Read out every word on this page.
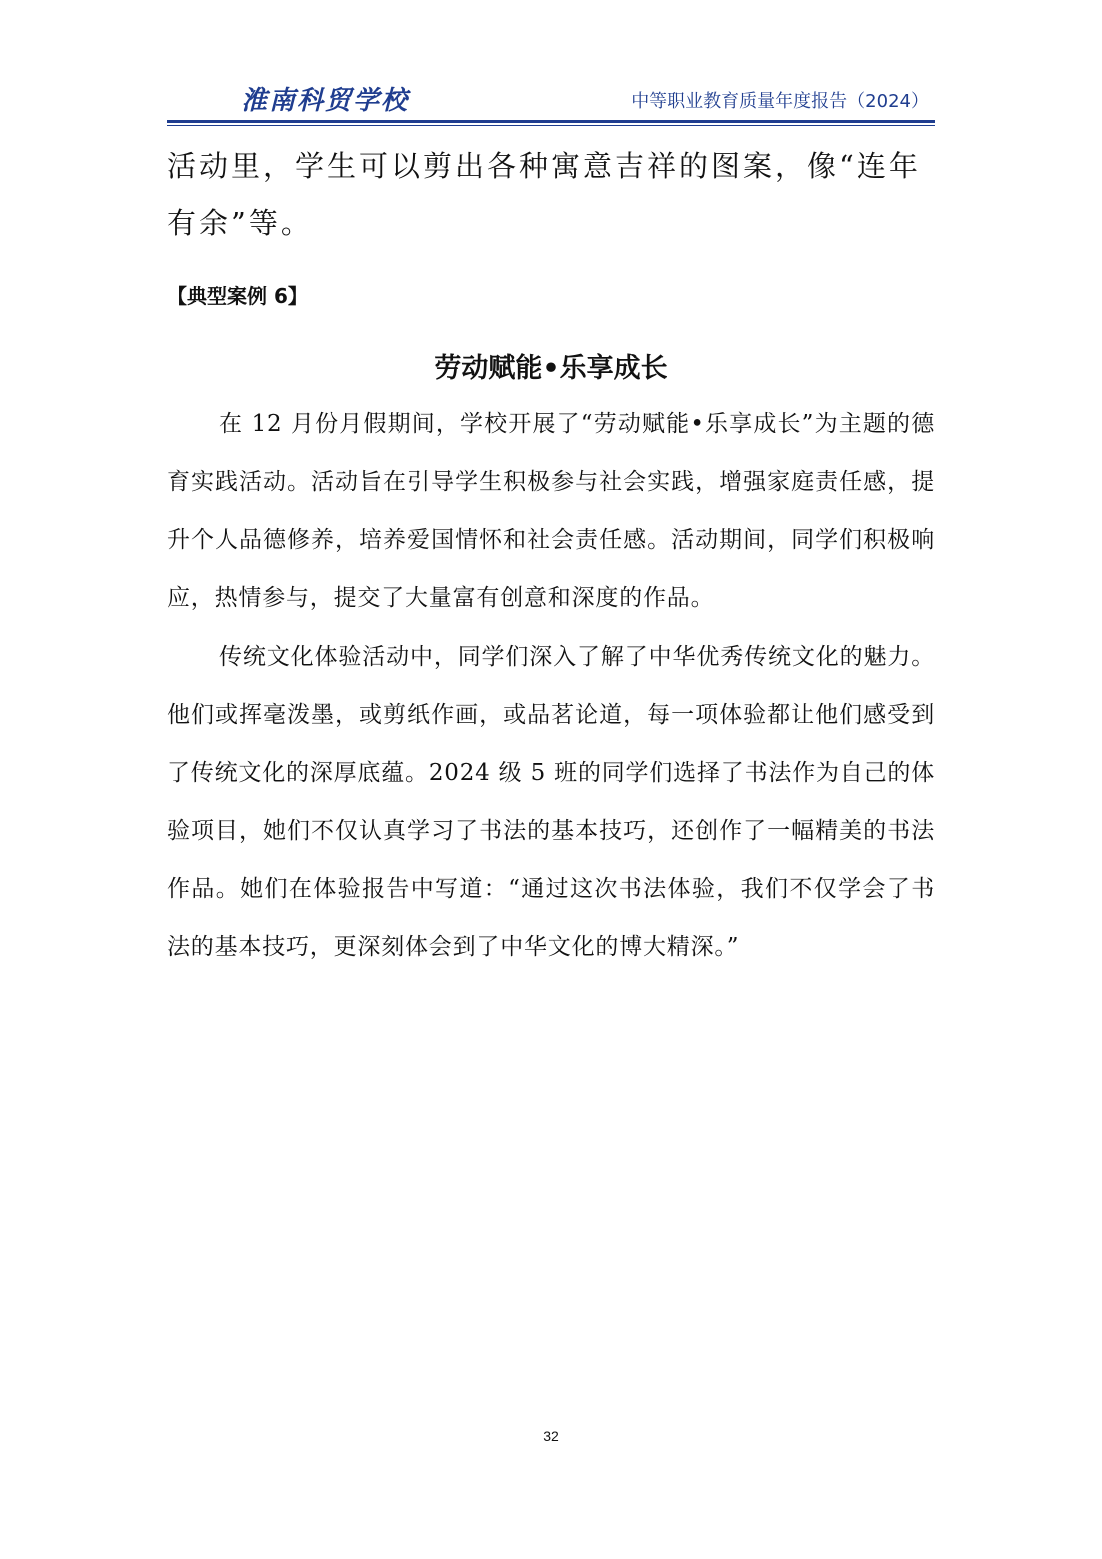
淮南科贸学校	中等职业教育质量年度报告（2024）

活动里，学生可以剪出各种寓意吉祥的图案，像“连年有余”等。

【典型案例 6】
劳动赋能•乐享成长

在 12 月份月假期间，学校开展了“劳动赋能•乐享成长”为主题的德育实践活动。活动旨在引导学生积极参与社会实践，增强家庭责任感，提升个人品德修养，培养爱国情怀和社会责任感。活动期间，同学们积极响应，热情参与，提交了大量富有创意和深度的作品。

传统文化体验活动中，同学们深入了解了中华优秀传统文化的魅力。他们或挥毫泼墨，或剪纸作画，或品茗论道，每一项体验都让他们感受到了传统文化的深厚底蕴。2024 级 5 班的同学们选择了书法作为自己的体验项目，她们不仅认真学习了书法的基本技巧，还创作了一幅精美的书法作品。她们在体验报告中写道：“通过这次书法体验，我们不仅学会了书法的基本技巧，更深刻体会到了中华文化的博大精深。”

32
